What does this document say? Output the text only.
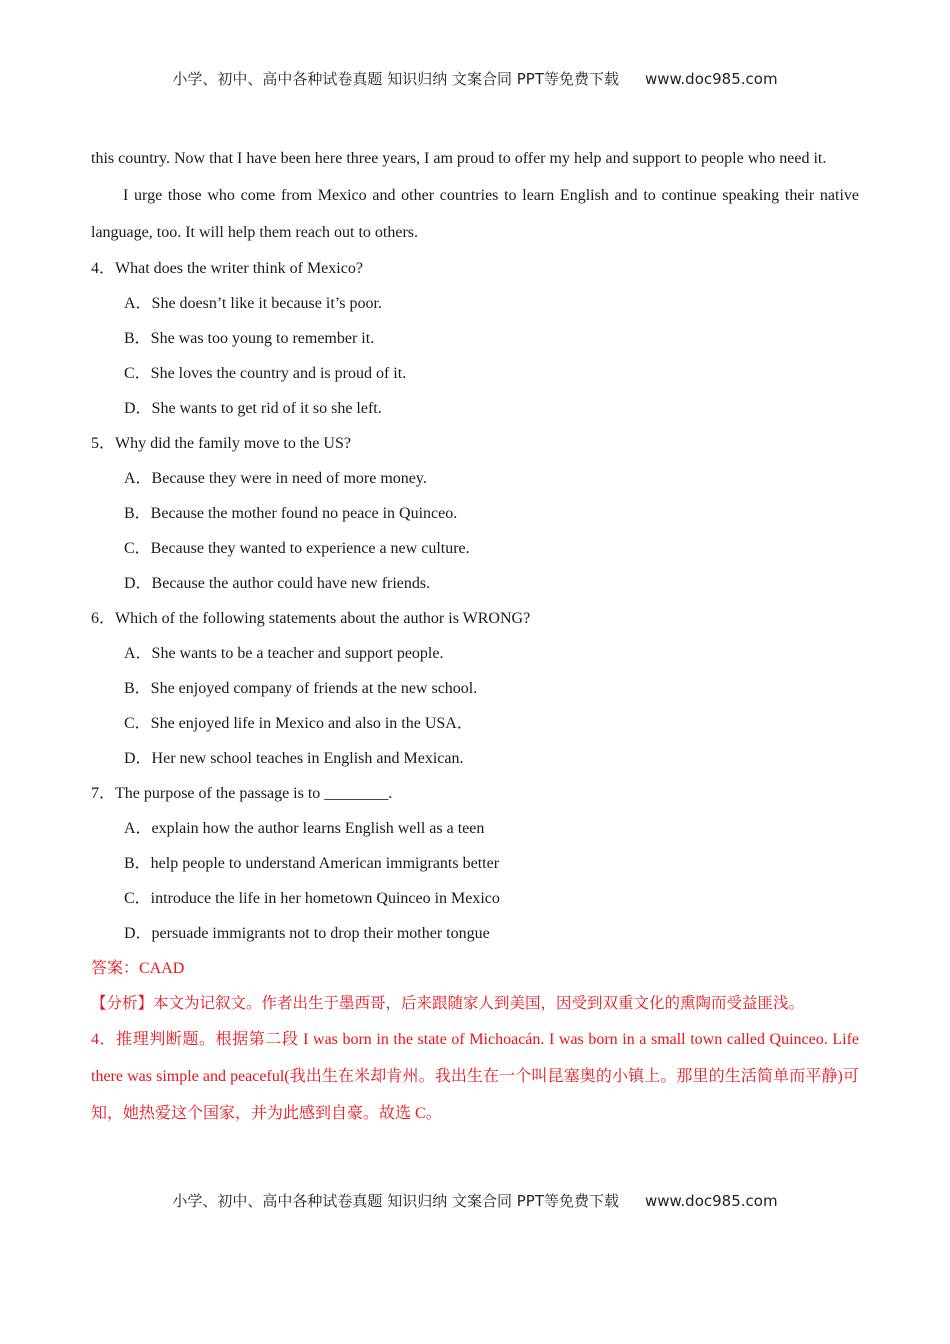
小学、初中、高中各种试卷真题 知识归纳 文案合同 PPT等免费下载 www.doc985.com

this country. Now that I have been here three years, I am proud to offer my help and support to people who need it.

I urge those who come from Mexico and other countries to learn English and to continue speaking their native language, too. It will help them reach out to others.

4．What does the writer think of Mexico?

A．She doesn’t like it because it’s poor.

B．She was too young to remember it.

C．She loves the country and is proud of it.

D．She wants to get rid of it so she left.

5．Why did the family move to the US?

A．Because they were in need of more money.

B．Because the mother found no peace in Quinceo.

C．Because they wanted to experience a new culture.

D．Because the author could have new friends.

6．Which of the following statements about the author is WRONG?

A．She wants to be a teacher and support people.

B．She enjoyed company of friends at the new school.

C．She enjoyed life in Mexico and also in the USA．

D．Her new school teaches in English and Mexican.

7．The purpose of the passage is to ________.

A．explain how the author learns English well as a teen

B．help people to understand American immigrants better

C．introduce the life in her hometown Quinceo in Mexico

D．persuade immigrants not to drop their mother tongue

答案：CAAD

【分析】本文为记叙文。作者出生于墨西哥，后来跟随家人到美国，因受到双重文化的熏陶而受益匪浅。

4．推理判断题。根据第二段 I was born in the state of Michoacán. I was born in a small town called Quinceo. Life there was simple and peaceful(我出生在米却肯州。我出生在一个叫昆塞奥的小镇上。那里的生活简单而平静)可知，她热爱这个国家，并为此感到自豪。故选 C。

小学、初中、高中各种试卷真题 知识归纳 文案合同 PPT等免费下载 www.doc985.com
